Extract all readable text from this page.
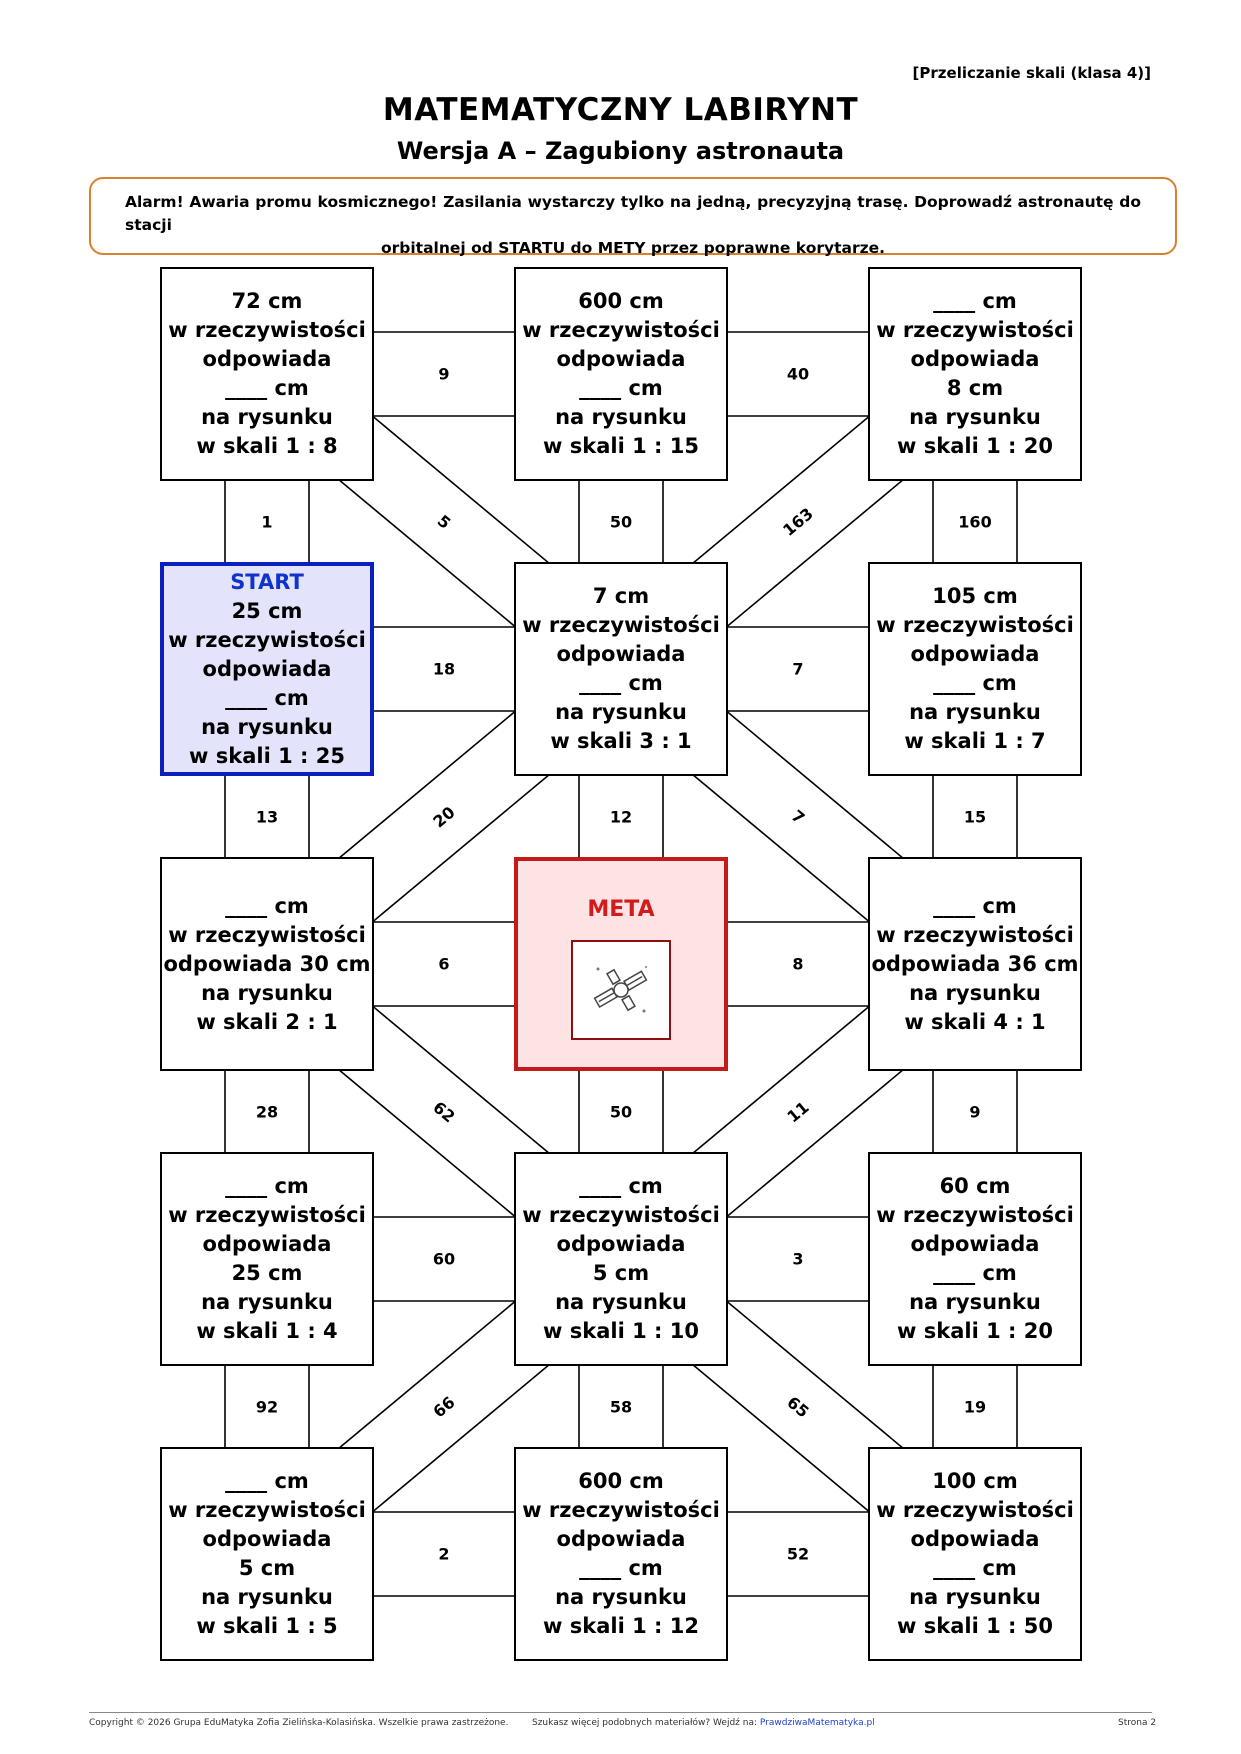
[Przeliczanie skali (klasa 4)]
MATEMATYCZNY LABIRYNT
Wersja A – Zagubiony astronauta
Alarm! Awaria promu kosmicznego! Zasilania wystarczy tylko na jedną, precyzyjną trasę. Doprowadź astronautę do stacji
orbitalnej od STARTU do METY przez poprawne korytarze.
72 cm
w rzeczywistości
odpowiada
____ cm
na rysunku
w skali 1 : 8
600 cm
w rzeczywistości
odpowiada
____ cm
na rysunku
w skali 1 : 15
____ cm
w rzeczywistości
odpowiada
8 cm
na rysunku
w skali 1 : 20
START
25 cm
w rzeczywistości
odpowiada
____ cm
na rysunku
w skali 1 : 25
7 cm
w rzeczywistości
odpowiada
____ cm
na rysunku
w skali 3 : 1
105 cm
w rzeczywistości
odpowiada
____ cm
na rysunku
w skali 1 : 7
____ cm
w rzeczywistości
odpowiada 30 cm
na rysunku
w skali 2 : 1
META	____ cm
w rzeczywistości
odpowiada 36 cm
na rysunku
w skali 4 : 1
____ cm
w rzeczywistości
odpowiada
25 cm
na rysunku
w skali 1 : 4
____ cm
w rzeczywistości
odpowiada
5 cm
na rysunku
w skali 1 : 10
60 cm
w rzeczywistości
odpowiada
____ cm
na rysunku
w skali 1 : 20
____ cm
w rzeczywistości
odpowiada
5 cm
na rysunku
w skali 1 : 5
600 cm
w rzeczywistości
odpowiada
____ cm
na rysunku
w skali 1 : 12
100 cm
w rzeczywistości
odpowiada
____ cm
na rysunku
w skali 1 : 50
Copyright © 2026 Grupa EduMatyka Zofia Zielińska-Kolasińska. Wszelkie prawa zastrzeżone.	Szukasz więcej podobnych materiałów? Wejdź na: PrawdziwaMatematyka.pl	Strona 2
9	40
18	7
6	8
60	3
2	52
1	50	160
13	12	15
28	50	9
92	58	19
5	163
20	7
62	11
66	65
